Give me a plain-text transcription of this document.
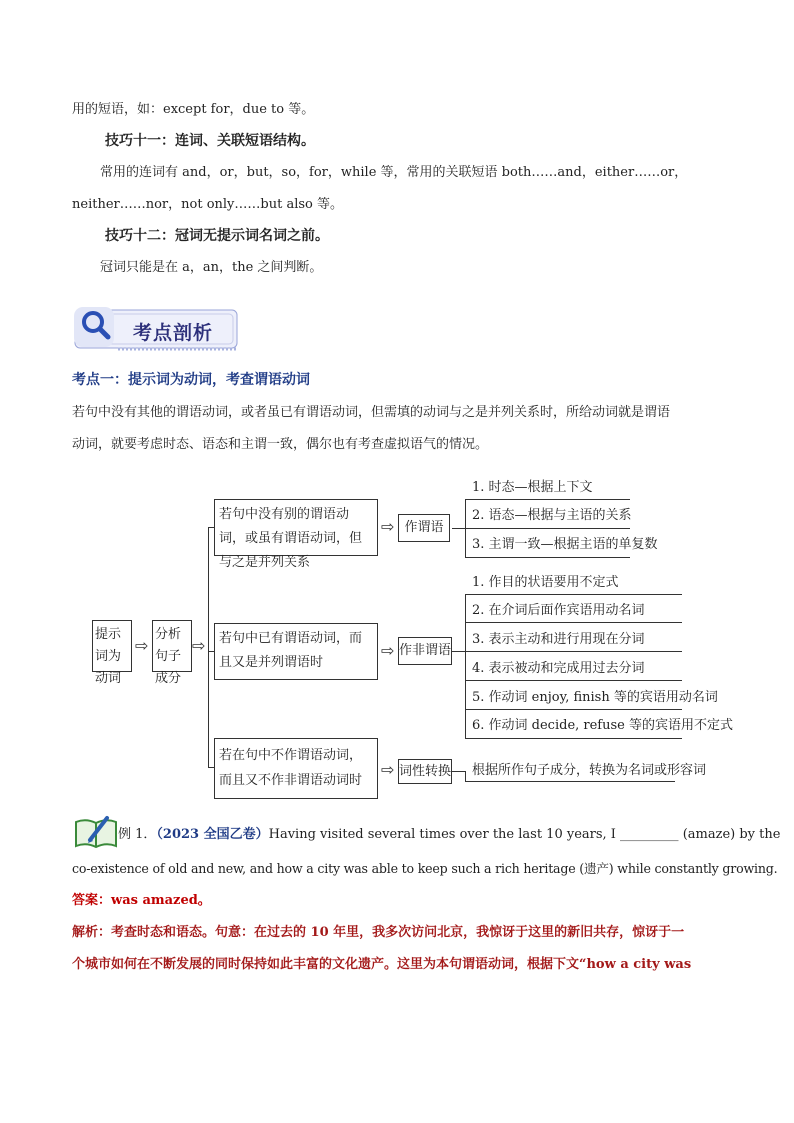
用的短语，如：except for，due to 等。
技巧十一：连词、关联短语结构。
常用的连词有 and，or，but，so，for，while 等，常用的关联短语 both……and，either……or，
neither……nor，not only……but also 等。
技巧十二：冠词无提示词名词之前。
冠词只能是在 a，an，the 之间判断。
考点剖析
考点一：提示词为动词，考查谓语动词
若句中没有其他的谓语动词，或者虽已有谓语动词，但需填的动词与之是并列关系时，所给动词就是谓语
动词，就要考虑时态、语态和主谓一致，偶尔也有考查虚拟语气的情况。
提示词为动词
⇨
分析句子成分
⇨
若句中没有别的谓语动词，或虽有谓语动词，但与之是并列关系
若句中已有谓语动词，而且又是并列谓语时
若在句中不作谓语动词，而且又不作非谓语动词时
⇨
⇨
⇨
作谓语
作非谓语
词性转换
1. 时态—根据上下文
2. 语态—根据与主语的关系
3. 主谓一致—根据主语的单复数
1. 作目的状语要用不定式
2. 在介词后面作宾语用动名词
3. 表示主动和进行用现在分词
4. 表示被动和完成用过去分词
5. 作动词 enjoy, finish 等的宾语用动名词
6. 作动词 decide, refuse 等的宾语用不定式
根据所作句子成分，转换为名词或形容词
例 1．（2023 全国乙卷）Having visited several times over the last 10 years, I _________ (amaze) by the
co-existence of old and new, and how a city was able to keep such a rich heritage (遗产) while constantly growing.
答案：was amazed。
解析：考查时态和语态。句意：在过去的 10 年里，我多次访问北京，我惊讶于这里的新旧共存，惊讶于一
个城市如何在不断发展的同时保持如此丰富的文化遗产。这里为本句谓语动词，根据下文“how a city was
